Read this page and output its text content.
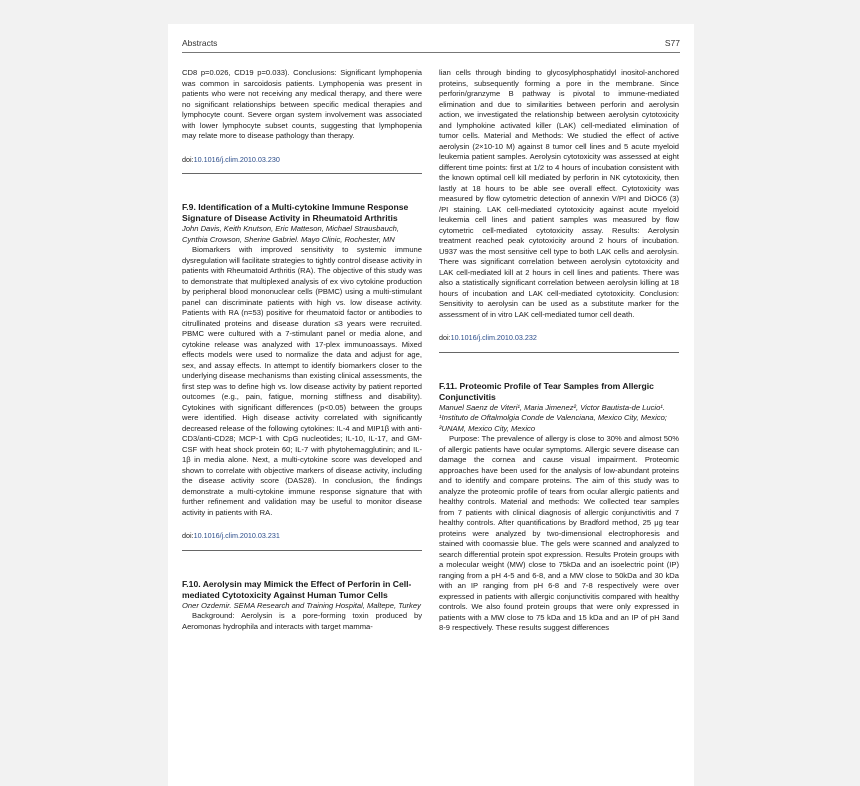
Abstracts	S77

CD8 p=0.026, CD19 p=0.033). Conclusions: Significant lymphopenia was common in sarcoidosis patients. Lymphopenia was present in patients who were not receiving any medical therapy, and there were no significant relationships between specific medical therapies and lymphocyte count. Severe organ system involvement was associated with lower lymphocyte subset counts, suggesting that lymphopenia may relate more to disease pathology than therapy.

doi:10.1016/j.clim.2010.03.230

F.9. Identification of a Multi-cytokine Immune Response Signature of Disease Activity in Rheumatoid Arthritis

John Davis, Keith Knutson, Eric Matteson, Michael Strausbauch, Cynthia Crowson, Sherine Gabriel. Mayo Clinic, Rochester, MN

Biomarkers with improved sensitivity to systemic immune dysregulation will facilitate strategies to tightly control disease activity in patients with Rheumatoid Arthritis (RA). The objective of this study was to demonstrate that multiplexed analysis of ex vivo cytokine production by peripheral blood mononuclear cells (PBMC) using a multi-stimulant panel can discriminate patients with high vs. low disease activity. Patients with RA (n=53) positive for rheumatoid factor or antibodies to citrullinated proteins and disease duration ≤3 years were recruited. PBMC were cultured with a 7-stimulant panel or media alone, and cytokine release was analyzed with 17-plex immunoassays. Mixed effects models were used to normalize the data and adjust for age, sex, and assay effects. In attempt to identify biomarkers closer to the underlying disease mechanisms than existing clinical assessments, the first step was to define high vs. low disease activity by patient reported outcomes (e.g., pain, fatigue, morning stiffness and disability). Cytokines with significant differences (p<0.05) between the groups were identified. High disease activity correlated with significantly decreased release of the following cytokines: IL-4 and MIP1β with anti-CD3/anti-CD28; MCP-1 with CpG nucleotides; IL-10, IL-17, and GM-CSF with heat shock protein 60; IL-7 with phytohemagglutinin; and IL-1β in media alone. Next, a multi-cytokine score was developed and shown to correlate with objective markers of disease activity, including the disease activity score (DAS28). In conclusion, the findings demonstrate a multi-cytokine immune response signature that with further refinement and validation may be useful to monitor disease activity in patients with RA.

doi:10.1016/j.clim.2010.03.231

F.10. Aerolysin may Mimick the Effect of Perforin in Cell-mediated Cytotoxicity Against Human Tumor Cells

Oner Ozdemir. SEMA Research and Training Hospital, Maltepe, Turkey

Background: Aerolysin is a pore-forming toxin produced by Aeromonas hydrophila and interacts with target mamma-

lian cells through binding to glycosylphosphatidyl inositol-anchored proteins, subsequently forming a pore in the membrane. Since perforin/granzyme B pathway is pivotal to immune-mediated elimination and due to similarities between perforin and aerolysin action, we investigated the relationship between aerolysin cytotoxicity and lymphokine activated killer (LAK) cell-mediated elimination of tumor cells. Material and Methods: We studied the effect of active aerolysin (2×10-10 M) against 8 tumor cell lines and 5 acute myeloid leukemia patient samples. Aerolysin cytotoxicity was assessed at eight different time points: first at 1/2 to 4 hours of incubation consistent with the known optimal cell kill mediated by perforin in NK cytotoxicity, then lastly at 18 hours to be able see overall effect. Cytotoxicity was measured by flow cytometric detection of annexin V/PI and DiOC6 (3) /PI staining. LAK cell-mediated cytotoxicity against acute myeloid leukemia cell lines and patient samples was measured by flow cytometric cell-mediated cytotoxicity assay. Results: Aerolysin treatment reached peak cytotoxicity around 2 hours of incubation. U937 was the most sensitive cell type to both LAK cells and aerolysin. There was significant correlation between aerolysin cytotoxicity and LAK cell-mediated kill at 2 hours in cell lines and patients. There was also a statistically significant correlation between aerolysin killing at 18 hours of incubation and LAK cell-mediated cytotoxicity. Conclusion: Sensitivity to aerolysin can be used as a substitute marker for the assessment of in vitro LAK cell-mediated tumor cell death.

doi:10.1016/j.clim.2010.03.232

F.11. Proteomic Profile of Tear Samples from Allergic Conjunctivitis

Manuel Saenz de Viteri¹, Maria Jimenez², Victor Bautista-de Lucio¹. ¹Instituto de Oftalmolgia Conde de Valenciana, Mexico City, Mexico; ²UNAM, Mexico City, Mexico

Purpose: The prevalence of allergy is close to 30% and almost 50% of allergic patients have ocular symptoms. Allergic severe disease can damage the cornea and cause visual impairment. Proteomic approaches have been used for the analysis of low-abundant proteins and to identify and compare proteins. The aim of this study was to analyze the proteomic profile of tears from ocular allergic patients and healthy controls. Material and methods: We collected tear samples from 7 patients with clinical diagnosis of allergic conjunctivitis and 7 healthy controls. After quantifications by Bradford method, 25 μg tear proteins were analyzed by two-dimensional electrophoresis and stained with coomassie blue. The gels were scanned and analyzed to search differential protein spot expression. Results Protein groups with a molecular weight (MW) close to 75kDa and an isoelectric point (IP) ranging from a pH 4-5 and 6-8, and a MW close to 50kDa and 30 kDa with an IP ranging from pH 6-8 and 7-8 respectively were over expressed in patients with allergic conjunctivitis compared with healthy controls. We also found protein groups that were only expressed in patients with a MW close to 75 kDa and 15 kDa and an IP of pH 3and 8-9 respectively. These results suggest differences
